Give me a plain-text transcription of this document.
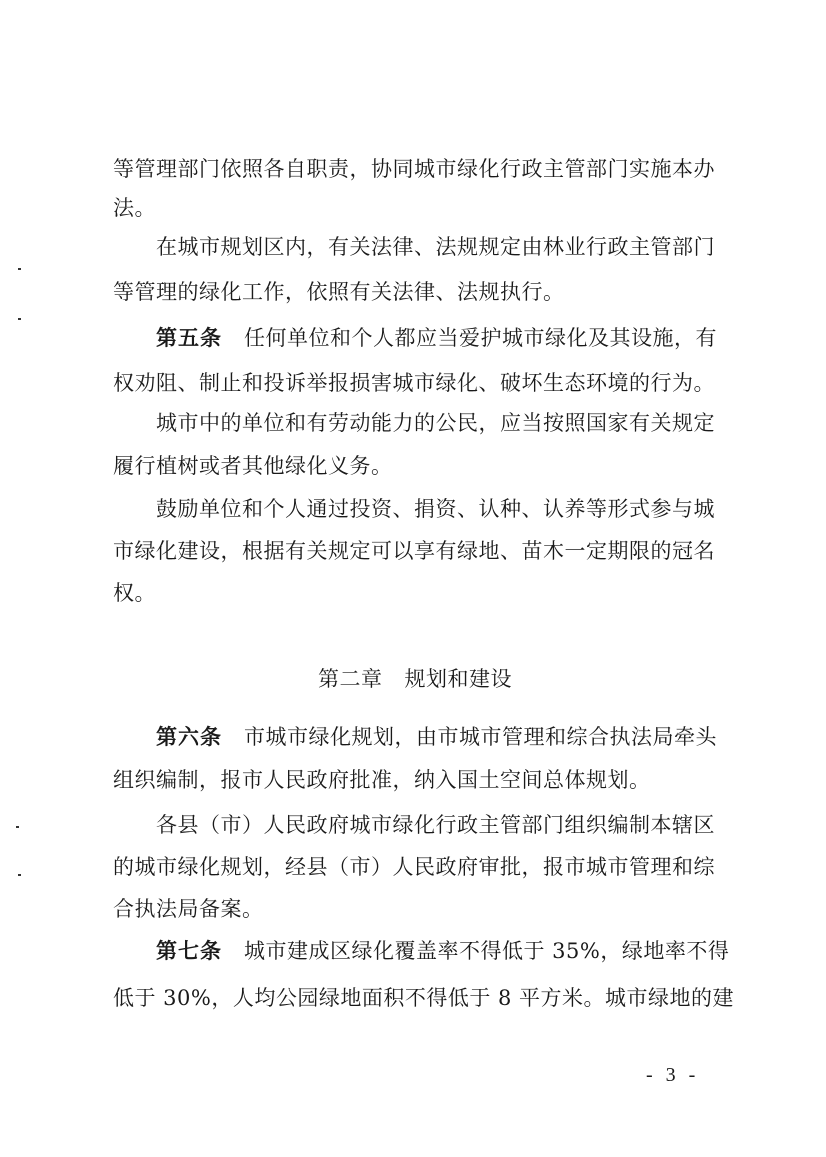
等管理部门依照各自职责，协同城市绿化行政主管部门实施本办
法。
在城市规划区内，有关法律、法规规定由林业行政主管部门
等管理的绿化工作，依照有关法律、法规执行。
第五条 任何单位和个人都应当爱护城市绿化及其设施，有
权劝阻、制止和投诉举报损害城市绿化、破坏生态环境的行为。
城市中的单位和有劳动能力的公民，应当按照国家有关规定
履行植树或者其他绿化义务。
鼓励单位和个人通过投资、捐资、认种、认养等形式参与城
市绿化建设，根据有关规定可以享有绿地、苗木一定期限的冠名
权。
第二章 规划和建设
第六条 市城市绿化规划，由市城市管理和综合执法局牵头
组织编制，报市人民政府批准，纳入国土空间总体规划。
各县（市）人民政府城市绿化行政主管部门组织编制本辖区
的城市绿化规划，经县（市）人民政府审批，报市城市管理和综
合执法局备案。
第七条 城市建成区绿化覆盖率不得低于 35%，绿地率不得
低于 30%，人均公园绿地面积不得低于 8 平方米。城市绿地的建
- 3 -
